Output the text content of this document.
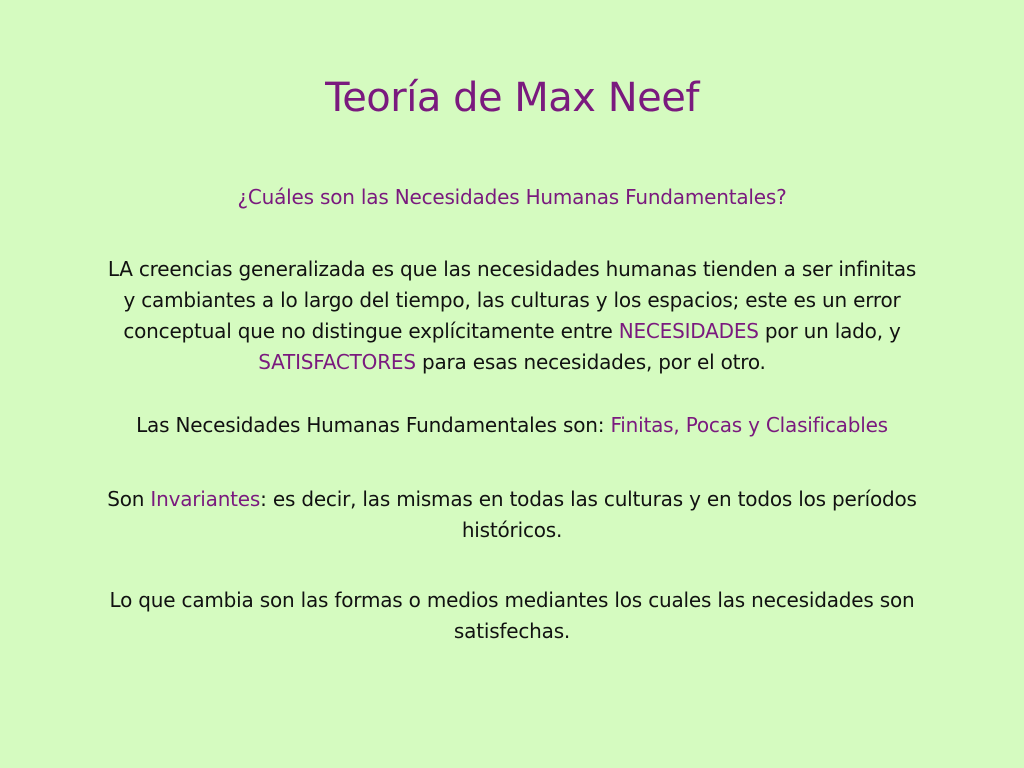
Teoría de Max Neef
¿Cuáles son las Necesidades Humanas Fundamentales?
LA creencias generalizada es que las necesidades humanas tienden a ser infinitas
y cambiantes a lo largo del tiempo, las culturas y los espacios; este es un error
conceptual que no distingue explícitamente entre NECESIDADES por un lado, y
SATISFACTORES para esas necesidades, por el otro.
Las Necesidades Humanas Fundamentales son: Finitas, Pocas y Clasificables
Son Invariantes: es decir, las mismas en todas las culturas y en todos los períodos
históricos.
Lo que cambia son las formas o medios mediantes los cuales las necesidades son
satisfechas.
